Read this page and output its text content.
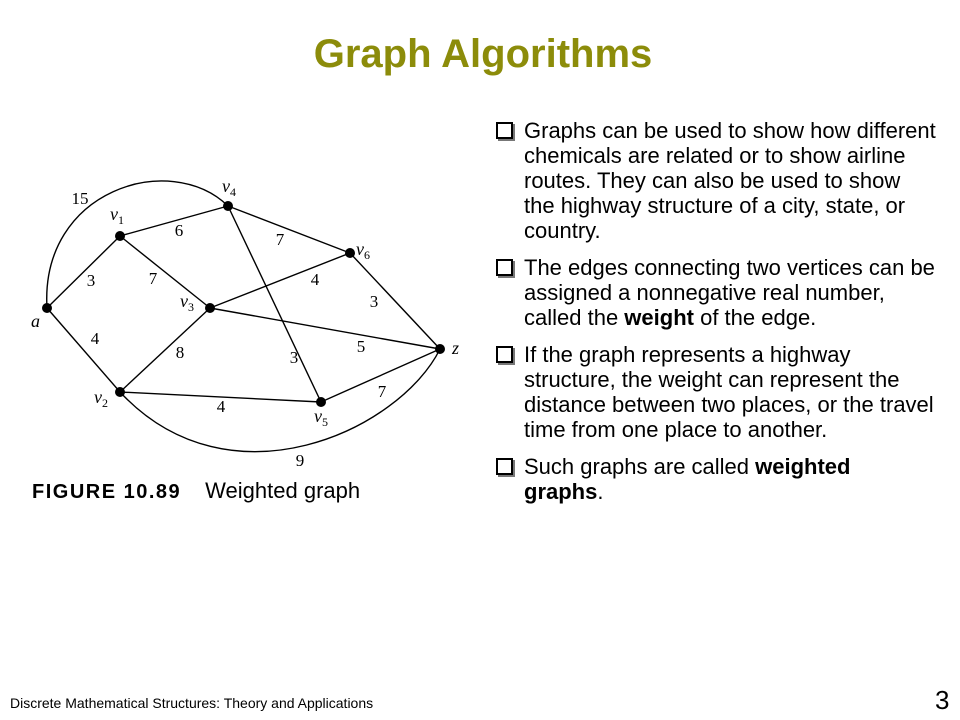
Graph Algorithms
3
4
15
6
7
7
3
4
8	5
3
4
7
9
a
$v_1$
$v_2$
$v_3$
$v_4$
$v_5$
$v_6$
z
FIGURE 10.89 Weighted graph
Graphs can be used to show how different chemicals are related or to show airline routes. They can also be used to show the highway structure of a city, state, or country.
The edges connecting two vertices can be assigned a nonnegative real number, called the weight of the edge.
If the graph represents a highway structure, the weight can represent the distance between two places, or the travel time from one place to another.
Such graphs are called weighted graphs.
Discrete Mathematical Structures: Theory and Applications	3
